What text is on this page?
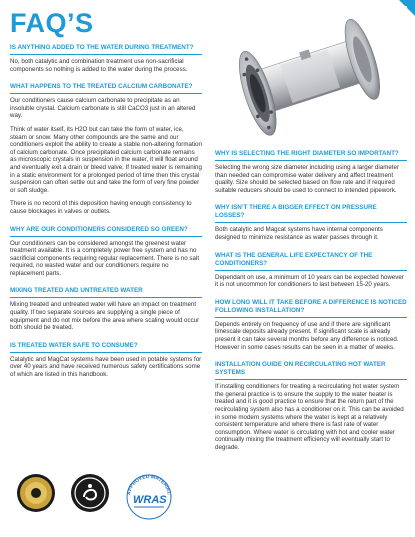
FAQ’S
IS ANYTHING ADDED TO THE WATER DURING TREATMENT?

No, both catalytic and combination treatment use non-sacrificial components so nothing is added to the water during the process.

WHAT HAPPENS TO THE TREATED CALCIUM CARBONATE?

Our conditioners cause calcium carbonate to precipitate as an insoluble crystal. Calcium carbonate is still CaCO3 just in an altered way.

Think of water itself, its H2O but can take the form of water, ice, steam or snow. Many other compounds are the same and our conditioners exploit the ability to create a stable non-altering formation of calcium carbonate. Once precipitated calcium carbonate remains as microscopic crystals in suspension in the water, it will float around and eventually exit a drain or bleed valve. If treated water is remaining in a static environment for a prolonged period of time then this crystal suspension can often settle out and take the form of very fine powder or soft sludge.

There is no record of this deposition having enough consistency to cause blockages in valves or outlets.

WHY ARE OUR CONDITIONERS CONSIDERED SO GREEN?

Our conditioners can be considered amongst the greenest water treatment available. It is a completely power free system and has no sacrificial components requiring regular replacement. There is no salt required, no wasted water and our conditioners require no replacement parts.

MIXING TREATED AND UNTREATED WATER

Mixing treated and untreated water will have an impact on treatment quality. If two separate sources are supplying a single piece of equipment and do not mix before the area where scaling would occur both should be treated.

IS TREATED WATER SAFE TO CONSUME?

Catalytic and MagCat systems have been used in potable systems for over 40 years and have received numerous safety certifications some of which are listed in this handbook.

WHY IS SELECTING THE RIGHT DIAMETER SO IMPORTANT?

Selecting the wrong size diameter including using a larger diameter than needed can compromise water delivery and affect treatment quality. Size should be selected based on flow rate and if required suitable reducers should be used to connect to intended pipework.

WHY ISN’T THERE A BIGGER EFFECT ON PRESSURE LOSSES?

Both catalytic and Magcat systems have internal components designed to minimize resistance as water passes through it.

WHAT IS THE GENERAL LIFE EXPECTANCY OF THE CONDITIONERS?

Dependant on use, a minimum of 10 years can be expected however it is not uncommon for conditioners to last between 15-20 years.

HOW LONG WILL IT TAKE BEFORE A DIFFERENCE IS NOTICED FOLLOWING INSTALLATION?

Depends entirely on frequency of use and if there are significant limescale deposits already present. If significant scale is already present it can take several months before any difference is noticed. However in some cases results can be seen in a matter of weeks.

INSTALLATION GUIDE ON RECIRCULATING HOT WATER SYSTEMS

If installing conditioners for treating a recirculating hot water system the general practice is to ensure the supply to the water heater is treated and it is good practice to ensure that the return part of the recirculating system also has a conditioner on it. This can be avoided in some modern systems where the water is kept at a relatively consistent temperature and where there is fast rate of water consumption. Where water is circulating with hot and cooler water continually mixing the treatment efficiency will eventually start to degrade.

APPROVED MATERIAL
WRAS
